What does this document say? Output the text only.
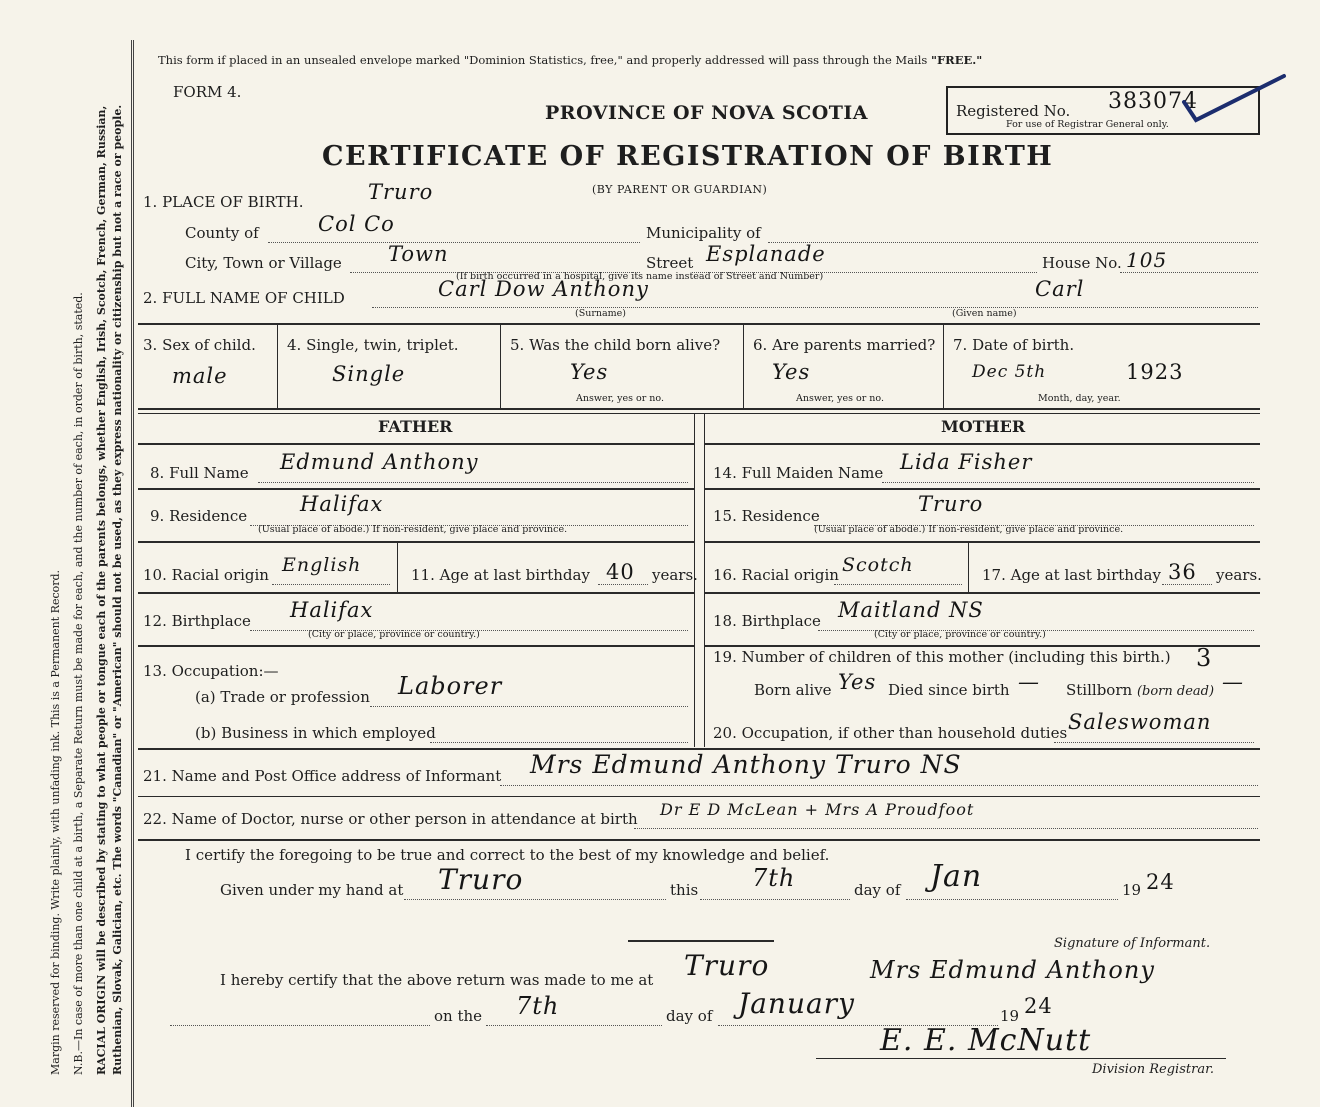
Margin reserved for binding. Write plainly, with unfading ink. This is a Permanent Record. N.B.—In case of more than one child at a birth, a Separate Return must be made for each, and the number of each, in order of birth, stated. RACIAL ORIGIN will be described by stating to what people or tongue each of the parents belongs, whether English, Irish, Scotch, French, German, Russian, Ruthenian, Slovak, Galician, etc. The words "Canadian" or "American" should not be used, as they express nationality or citizenship but not a race or people.
This form if placed in an unsealed envelope marked "Dominion Statistics, free," and properly addressed will pass through the Mails "FREE."
FORM 4.
PROVINCE OF NOVA SCOTIA
CERTIFICATE OF REGISTRATION OF BIRTH
(BY PARENT OR GUARDIAN)
Registered No. 383074
For use of Registrar General only.
1. PLACE OF BIRTH.	Truro
County of	Col Co	Municipality of
City, Town or Village Town	Street Esplanade	House No. 105
(If birth occurred in a hospital, give its name instead of Street and Number)
2. FULL NAME OF CHILD	Carl Dow Anthony	Carl
(Surname)	(Given name)
3. Sex of child.
male
4. Single, twin, triplet.
Single
5. Was the child born alive?
Yes
Answer, yes or no.
6. Are parents married?
Yes
Answer, yes or no.
7. Date of birth.
Dec 5th	1923
Month, day, year.
FATHER	MOTHER
8. Full Name Edmund Anthony
9. Residence	Halifax
(Usual place of abode.) If non-resident, give place and province.
10. Racial origin English	11. Age at last birthday 40 years.
12. Birthplace Halifax
(City or place, province or country.)
13. Occupation:—
(a) Trade or profession Laborer
(b) Business in which employed
14. Full Maiden Name Lida Fisher
15. Residence	Truro
(Usual place of abode.) If non-resident, give place and province.
16. Racial origin Scotch	17. Age at last birthday 36 years.
18. Birthplace Maitland NS
(City or place, province or country.)
19. Number of children of this mother (including this birth.) 3
Born alive Yes Died since birth — Stillborn (born dead) —
20. Occupation, if other than household duties Saleswoman
21. Name and Post Office address of Informant Mrs Edmund Anthony Truro NS
22. Name of Doctor, nurse or other person in attendance at birth Dr E D McLean + Mrs A Proudfoot
I certify the foregoing to be true and correct to the best of my knowledge and belief.
Given under my hand at Truro	this 7th	day of Jan	19 24
Mrs Edmund Anthony
Signature of Informant.
I hereby certify that the above return was made to me at Truro
on the 7th	day of January	19 24
E. E. McNutt
Division Registrar.
